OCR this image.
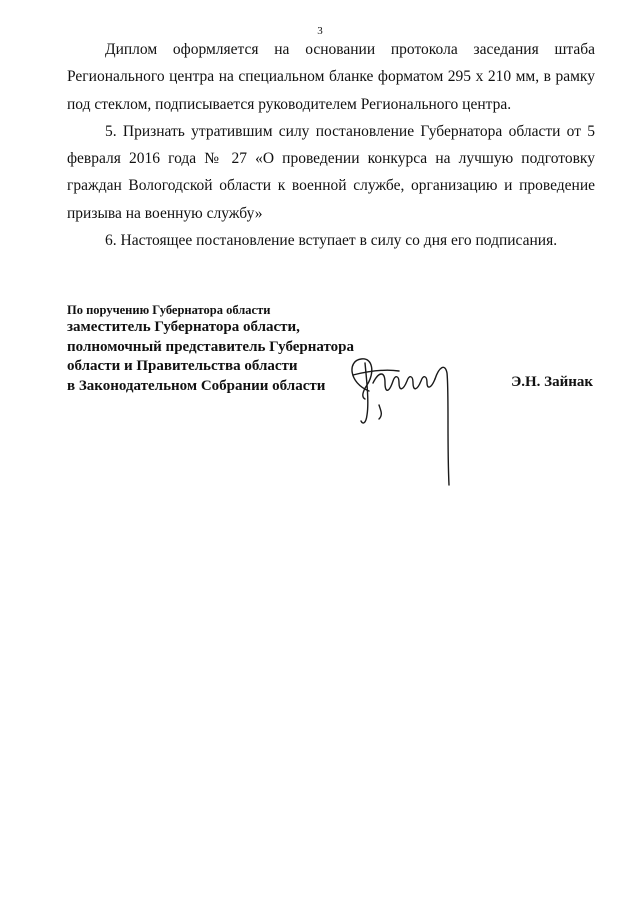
3

Диплом оформляется на основании протокола заседания штаба Регионального центра на специальном бланке форматом 295 х 210 мм, в рамку под стеклом, подписывается руководителем Регионального центра.

5. Признать утратившим силу постановление Губернатора области от 5 февраля 2016 года № 27 «О проведении конкурса на лучшую подготовку граждан Вологодской области к военной службе, организацию и проведение призыва на военную службу»

6. Настоящее постановление вступает в силу со дня его подписания.

По поручению Губернатора области
заместитель Губернатора области,
полномочный представитель Губернатора
области и Правительства области
в Законодательном Собрании области	Э.Н. Зайнак
